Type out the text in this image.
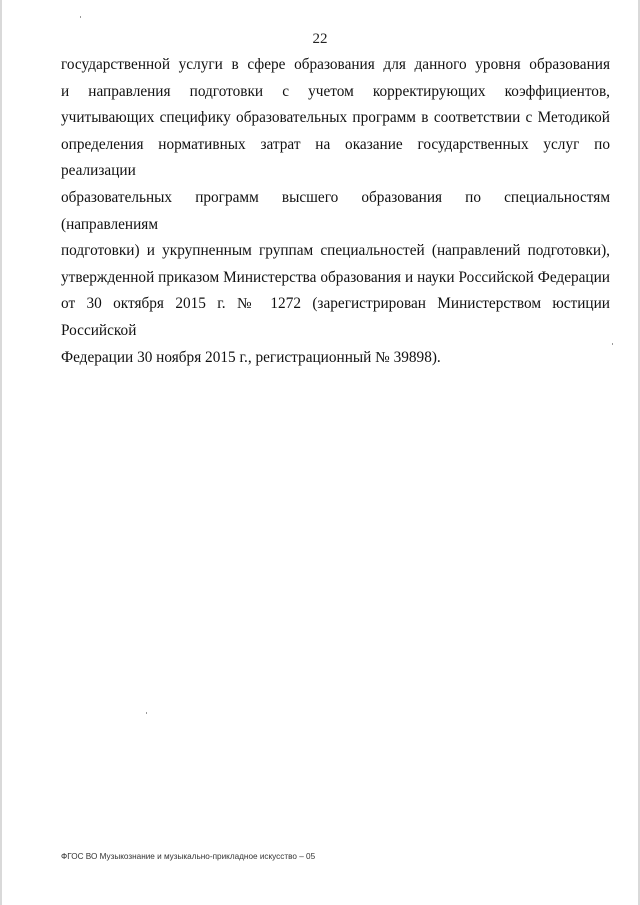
22
государственной услуги в сфере образования для данного уровня образования
и направления подготовки с учетом корректирующих коэффициентов,
учитывающих специфику образовательных программ в соответствии с Методикой
определения нормативных затрат на оказание государственных услуг по реализации
образовательных программ высшего образования по специальностям (направлениям
подготовки) и укрупненным группам специальностей (направлений подготовки),
утвержденной приказом Министерства образования и науки Российской Федерации
от 30 октября 2015 г. № 1272 (зарегистрирован Министерством юстиции Российской
Федерации 30 ноября 2015 г., регистрационный № 39898).
ФГОС ВО Музыкознание и музыкально-прикладное искусство – 05
